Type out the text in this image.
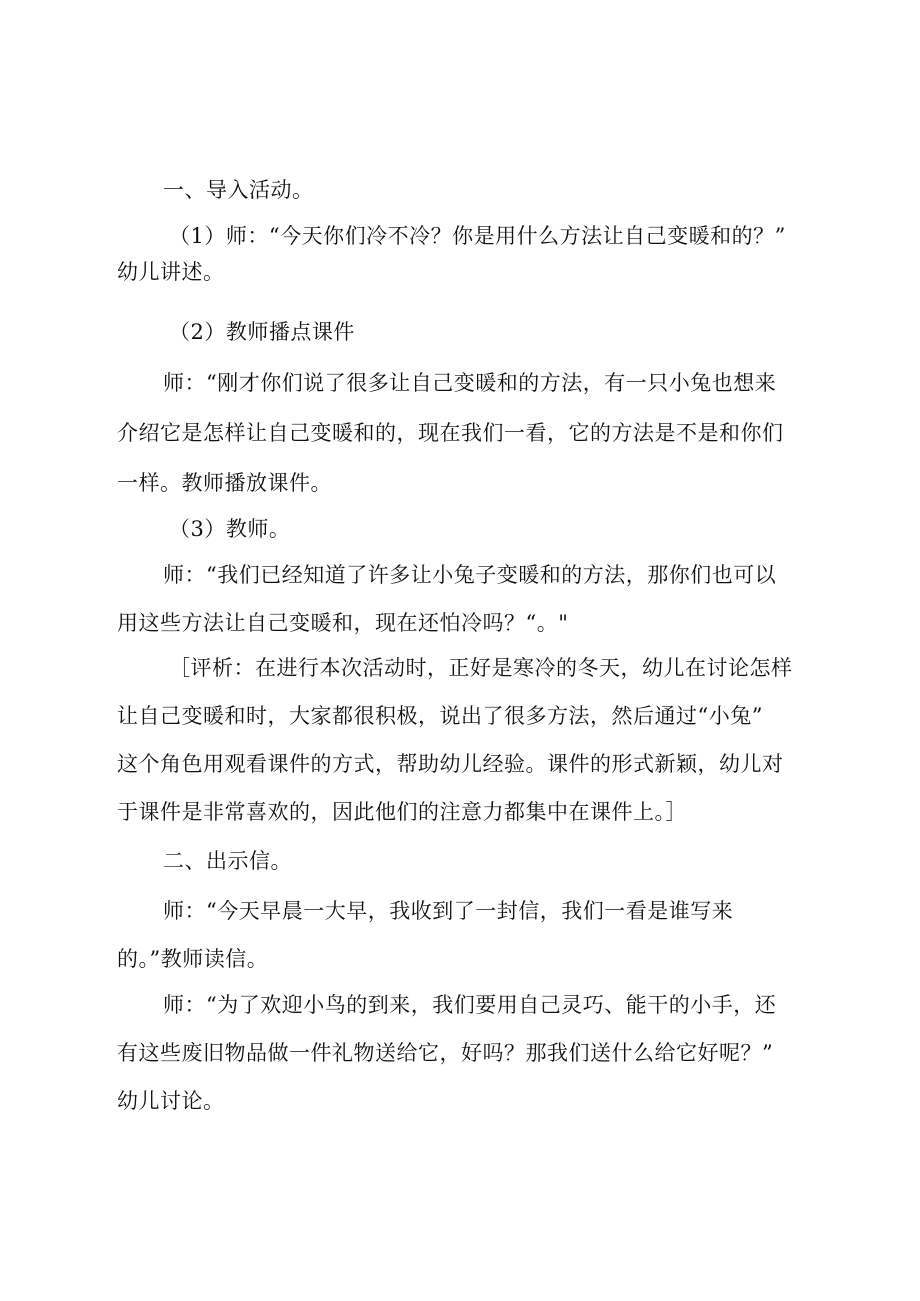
一、导入活动。
（1）师：“今天你们冷不冷？你是用什么方法让自己变暖和的？”
幼儿讲述。
（2）教师播点课件
师：“刚才你们说了很多让自己变暖和的方法，有一只小兔也想来
介绍它是怎样让自己变暖和的，现在我们一看，它的方法是不是和你们
一样。教师播放课件。
（3）教师。
师：“我们已经知道了许多让小兔子变暖和的方法，那你们也可以
用这些方法让自己变暖和，现在还怕冷吗？“。"
［评析：在进行本次活动时，正好是寒冷的冬天，幼儿在讨论怎样
让自己变暖和时，大家都很积极，说出了很多方法，然后通过“小兔”
这个角色用观看课件的方式，帮助幼儿经验。课件的形式新颖，幼儿对
于课件是非常喜欢的，因此他们的注意力都集中在课件上。］
二、出示信。
师：“今天早晨一大早，我收到了一封信，我们一看是谁写来
的。”教师读信。
师：“为了欢迎小鸟的到来，我们要用自己灵巧、能干的小手，还
有这些废旧物品做一件礼物送给它，好吗？那我们送什么给它好呢？”
幼儿讨论。
